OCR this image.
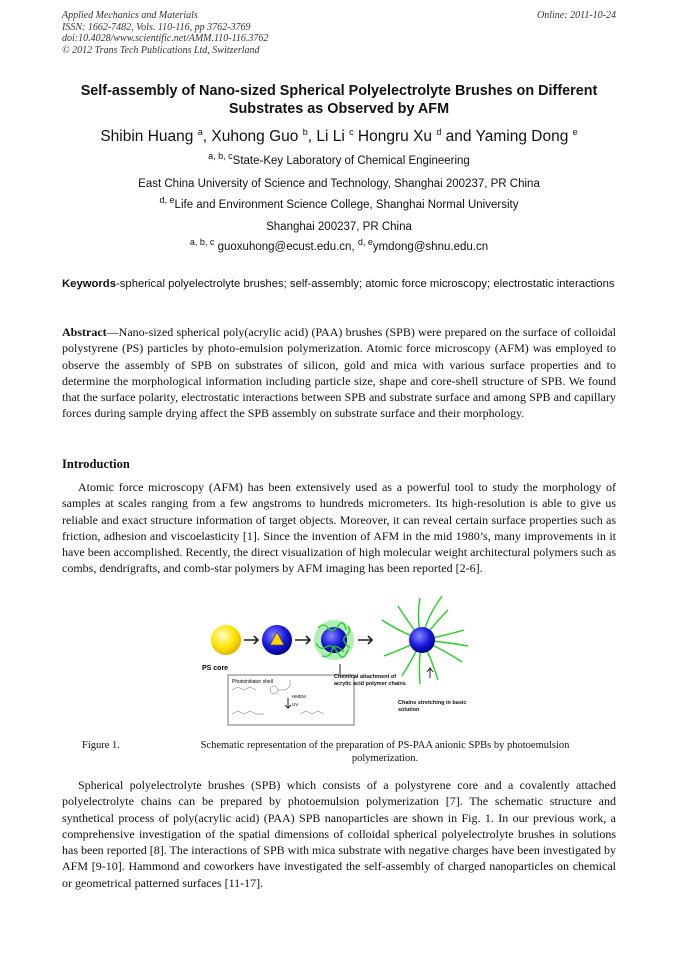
Applied Mechanics and Materials
ISSN: 1662-7482, Vols. 110-116, pp 3762-3769
doi:10.4028/www.scientific.net/AMM.110-116.3762
© 2012 Trans Tech Publications Ltd, Switzerland
Online: 2011-10-24
Self-assembly of Nano-sized Spherical Polyelectrolyte Brushes on Different Substrates as Observed by AFM
Shibin Huang $^a$, Xuhong Guo $^b$, Li Li $^c$ Hongru Xu $^d$ and Yaming Dong $^e$
$^{a, b, c}$State-Key Laboratory of Chemical Engineering
East China University of Science and Technology, Shanghai 200237, PR China
$^{d, e}$Life and Environment Science College, Shanghai Normal University
Shanghai 200237, PR China
$^{a, b, c}$ guoxuhong@ecust.edu.cn, $^{d, e}$ymdong@shnu.edu.cn
Keywords-spherical polyelectrolyte brushes; self-assembly; atomic force microscopy; electrostatic interactions
Abstract—Nano-sized spherical poly(acrylic acid) (PAA) brushes (SPB) were prepared on the surface of colloidal polystyrene (PS) particles by photo-emulsion polymerization. Atomic force microscopy (AFM) was employed to observe the assembly of SPB on substrates of silicon, gold and mica with various surface properties and to determine the morphological information including particle size, shape and core-shell structure of SPB. We found that the surface polarity, electrostatic interactions between SPB and substrate surface and among SPB and capillary forces during sample drying affect the SPB assembly on substrate surface and their morphology.
Introduction
Atomic force microscopy (AFM) has been extensively used as a powerful tool to study the morphology of samples at scales ranging from a few angstroms to hundreds micrometers. Its high-resolution is able to give us reliable and exact structure information of target objects. Moreover, it can reveal certain surface properties such as friction, adhesion and viscoelasticity [1]. Since the invention of AFM in the mid 1980’s, many improvements in it have been accomplished. Recently, the direct visualization of high molecular weight architectural polymers such as combs, dendrigrafts, and comb-star polymers by AFM imaging has been reported [2-6].
PS core
Photoinitiator shell
HMEM
UV
Chemical attachment of acrylic acid polymer chains
Chains stretching in basic solution
Figure 1.	Schematic representation of the preparation of PS-PAA anionic SPBs by photoemulsion polymerization.
Spherical polyelectrolyte brushes (SPB) which consists of a polystyrene core and a covalently attached polyelectrolyte chains can be prepared by photoemulsion polymerization [7]. The schematic structure and synthetical process of poly(acrylic acid) (PAA) SPB nanoparticles are shown in Fig. 1. In our previous work, a comprehensive investigation of the spatial dimensions of colloidal spherical polyelectrolyte brushes in solutions has been reported [8]. The interactions of SPB with mica substrate with negative charges have been investigated by AFM [9-10]. Hammond and coworkers have investigated the self-assembly of charged nanoparticles on chemical or geometrical patterned surfaces [11-17].
